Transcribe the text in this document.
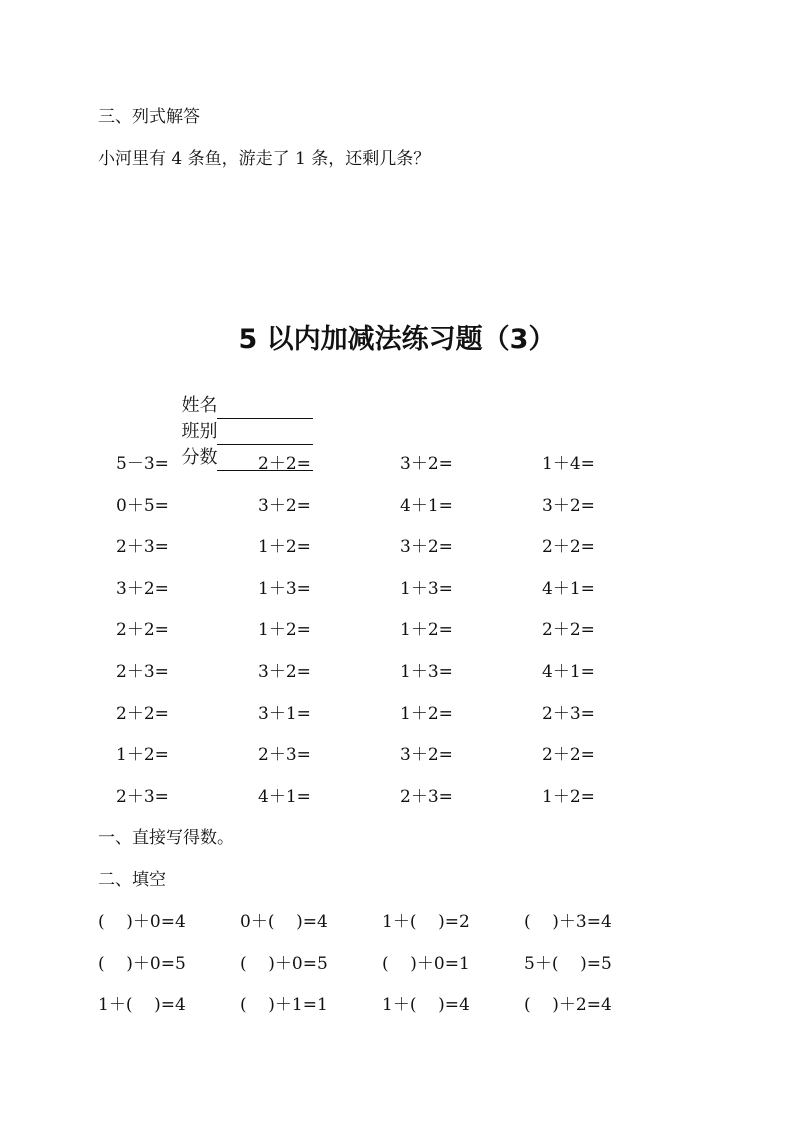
三、列式解答
小河里有 4 条鱼，游走了 1 条，还剩几条？
5 以内加减法练习题（3）

姓名
班别
分数

5－3=	2＋2=	3＋2=	1＋4=
0＋5=	3＋2=	4＋1=	3＋2=
2＋3=	1＋2=	3＋2=	2＋2=
3＋2=	1＋3=	1＋3=	4＋1=
2＋2=	1＋2=	1＋2=	2＋2=
2＋3=	3＋2=	1＋3=	4＋1=
2＋2=	3＋1=	1＋2=	2＋3=
1＋2=	2＋3=	3＋2=	2＋2=
2＋3=	4＋1=	2＋3=	1＋2=
一、直接写得数。
二、填空
(    )＋0=4	0＋(    )=4	1＋(    )=2	(    )＋3=4
(    )＋0=5	(    )＋0=5	(    )＋0=1	5＋(    )=5
1＋(    )=4	(    )＋1=1	1＋(    )=4	(    )＋2=4
